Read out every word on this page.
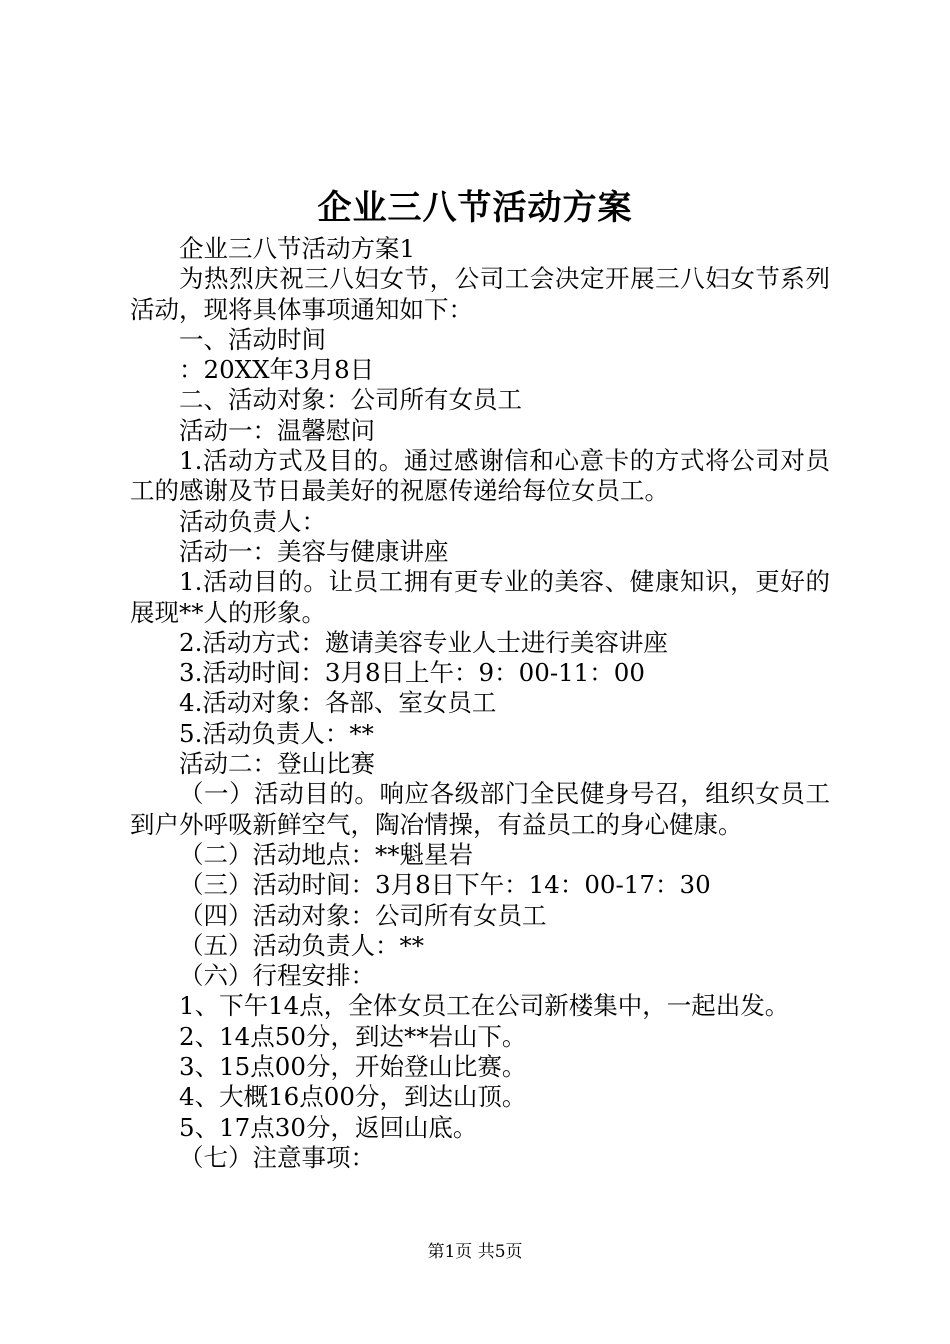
企业三八节活动方案

企业三八节活动方案1

为热烈庆祝三八妇女节，公司工会决定开展三八妇女节系列活动，现将具体事项通知如下：

一、活动时间

：20XX年3月8日

二、活动对象：公司所有女员工

活动一：温馨慰问

1.活动方式及目的。通过感谢信和心意卡的方式将公司对员工的感谢及节日最美好的祝愿传递给每位女员工。

活动负责人：

活动一：美容与健康讲座

1.活动目的。让员工拥有更专业的美容、健康知识，更好的展现**人的形象。

2.活动方式：邀请美容专业人士进行美容讲座

3.活动时间：3月8日上午：9：00-11：00

4.活动对象：各部、室女员工

5.活动负责人：**

活动二：登山比赛

（一）活动目的。响应各级部门全民健身号召，组织女员工到户外呼吸新鲜空气，陶冶情操，有益员工的身心健康。

（二）活动地点：**魁星岩

（三）活动时间：3月8日下午：14：00-17：30

（四）活动对象：公司所有女员工

（五）活动负责人：**

（六）行程安排：

1、下午14点，全体女员工在公司新楼集中，一起出发。

2、14点50分，到达**岩山下。

3、15点00分，开始登山比赛。

4、大概16点00分，到达山顶。

5、17点30分，返回山底。

（七）注意事项：

第1页 共5页
